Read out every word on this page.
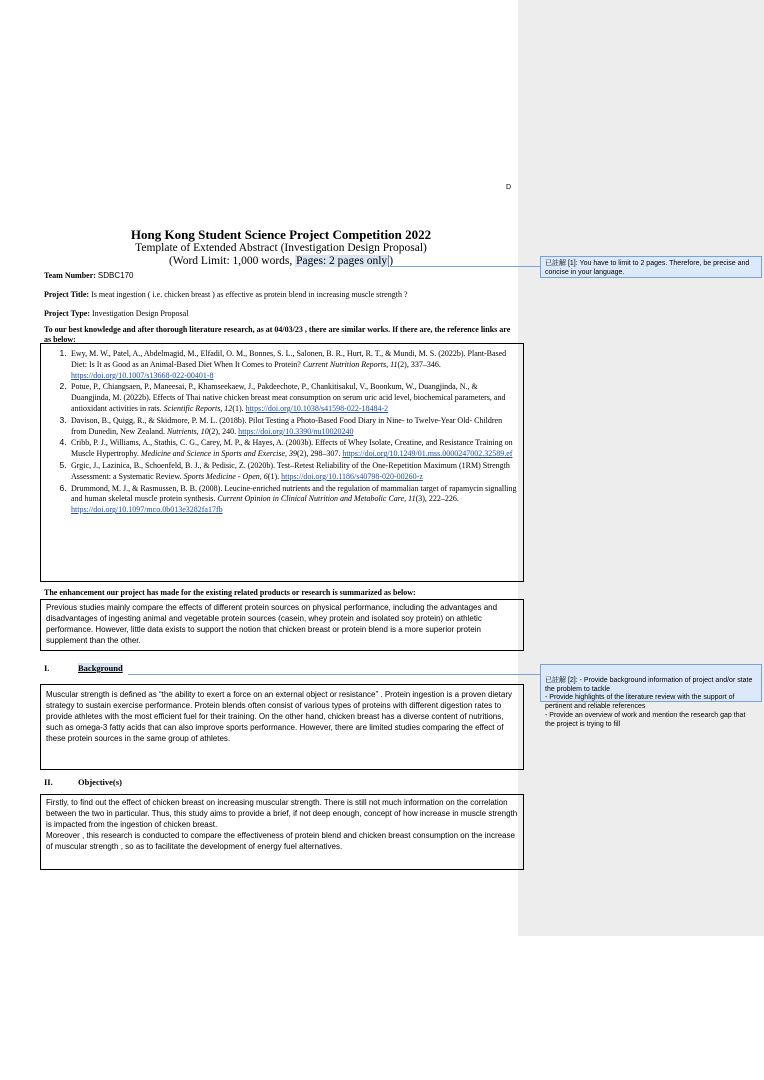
D
Hong Kong Student Science Project Competition 2022
Template of Extended Abstract (Investigation Design Proposal)
(Word Limit: 1,000 words, Pages: 2 pages only )
Team Number: SDBC170
Project Title: Is meat ingestion ( i.e. chicken breast ) as effective as protein blend in increasing muscle strength ?
Project Type: Investigation Design Proposal
To our best knowledge and after thorough literature research, as at 04/03/23 , there are similar works. If there are, the reference links are as below:
1. Ewy, M. W., Patel, A., Abdelmagid, M., Elfadil, O. M., Bonnes, S. L., Salonen, B. R., Hurt, R. T., & Mundi, M. S. (2022b). Plant-Based Diet: Is It as Good as an Animal-Based Diet When It Comes to Protein? Current Nutrition Reports, 11(2), 337–346. https://doi.org/10.1007/s13668-022-00401-8
2. Potue, P., Chiangsaen, P., Maneesai, P., Khamseekaew, J., Pakdeechote, P., Chankitisakul, V., Boonkum, W., Duangjinda, N., & Duangjinda, M. (2022b). Effects of Thai native chicken breast meat consumption on serum uric acid level, biochemical parameters, and antioxidant activities in rats. Scientific Reports, 12(1). https://doi.org/10.1038/s41598-022-18484-2
3. Davison, B., Quigg, R., & Skidmore, P. M. L. (2018b). Pilot Testing a Photo-Based Food Diary in Nine- to Twelve-Year Old- Children from Dunedin, New Zealand. Nutrients, 10(2), 240. https://doi.org/10.3390/nu10020240
4. Cribb, P. J., Williams, A., Stathis, C. G., Carey, M. P., & Hayes, A. (2003b). Effects of Whey Isolate, Creatine, and Resistance Training on Muscle Hypertrophy. Medicine and Science in Sports and Exercise, 39(2), 298–307. https://doi.org/10.1249/01.mss.0000247002.32589.ef
5. Grgic, J., Lazinica, B., Schoenfeld, B. J., & Pedisic, Z. (2020b). Test–Retest Reliability of the One-Repetition Maximum (1RM) Strength Assessment: a Systematic Review. Sports Medicine - Open, 6(1). https://doi.org/10.1186/s40798-020-00260-z
6. Drummond, M. J., & Rasmussen, B. B. (2008). Leucine-enriched nutrients and the regulation of mammalian target of rapamycin signalling and human skeletal muscle protein synthesis. Current Opinion in Clinical Nutrition and Metabolic Care, 11(3), 222–226. https://doi.org/10.1097/mco.0b013e3282fa17fb
The enhancement our project has made for the existing related products or research is summarized as below:
Previous studies mainly compare the effects of different protein sources on physical performance, including the advantages and disadvantages of ingesting animal and vegetable protein sources (casein, whey protein and isolated soy protein) on athletic performance. However, little data exists to support the notion that chicken breast or protein blend is a more superior protein supplement than the other.
I.	Background
Muscular strength is defined as “the ability to exert a force on an external object or resistance” . Protein ingestion is a proven dietary strategy to sustain exercise performance. Protein blends often consist of various types of proteins with different digestion rates to provide athletes with the most efficient fuel for their training. On the other hand, chicken breast has a diverse content of nutritions, such as omega-3 fatty acids that can also improve sports performance. However, there are limited studies comparing the effect of these protein sources in the same group of athletes.
II.	Objective(s)
Firstly, to find out the effect of chicken breast on increasing muscular strength. There is still not much information on the correlation between the two in particular. Thus, this study aims to provide a brief, if not deep enough, concept of how increase in muscle strength is impacted from the ingestion of chicken breast.
Moreover , this research is conducted to compare the effectiveness of protein blend and chicken breast consumption on the increase of muscular strength , so as to facilitate the development of energy fuel alternatives.
已註解 [1]: You have to limit to 2 pages. Therefore, be precise and concise in your language.

已註解 [2]: - Provide background information of project and/or state the problem to tackle
- Provide highlights of the literature review with the support of pertinent and reliable references
- Provide an overview of work and mention the research gap that the project is trying to fill
